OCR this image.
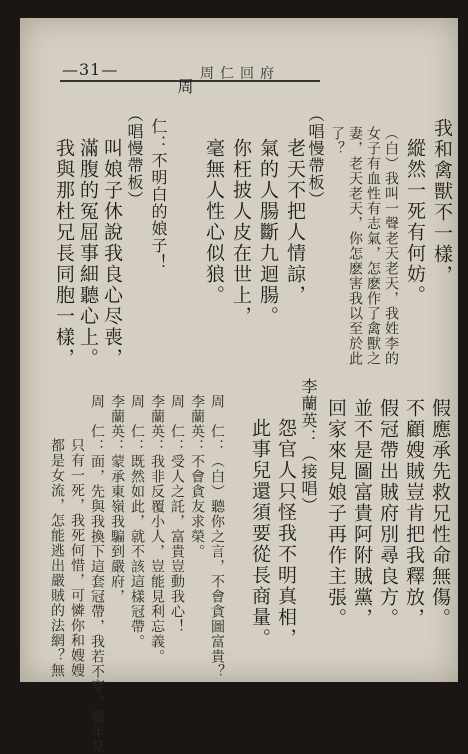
—31—	周仁回府
我和禽獸不一樣，
縱然一死有何妨。
（白）我叫一聲老天老天，我姓李的
女子有血性有志氣，怎麽作了禽獸之
妻，老天老天，你怎麽害我以至於此
了？
（唱慢帶板）
老天不把人情諒，
氣的人腸斷九迴腸。
你枉披人皮在世上，
毫無人性心似狼。
周
仁：不明白的娘子！
（唱慢帶板）
叫娘子休說我良心尽喪，
滿腹的冤屈事細聽心上。
我與那杜兄長同胞一樣，
李蘭英：（接唱）
怨官人只怪我不明真相，
此事兒還須要從長商量。
周　仁：（白）聽你之言，不會貪圖富貴？
李蘭英：不會貪友求榮。
周　仁：受人之託，富貴豈動我心！
李蘭英：我非反覆小人，豈能見利忘義。
周　仁：既然如此，就不該這樣冠帶。
李蘭英：蒙承東嶺我騙到嚴府，
周　仁：面，先與我換下這套冠帶，我若不穿，嚴年見
只有一死，我死何惜，可憐你和嫂嫂
都是女流，怎能逃出嚴賊的法網？無	假應承先救兄性命無傷。
不顧嫂賊豈肯把我釋放，
假冠帶出賊府別尋良方。
並不是圖富貴阿附賊黨，
回家來見娘子再作主張。
